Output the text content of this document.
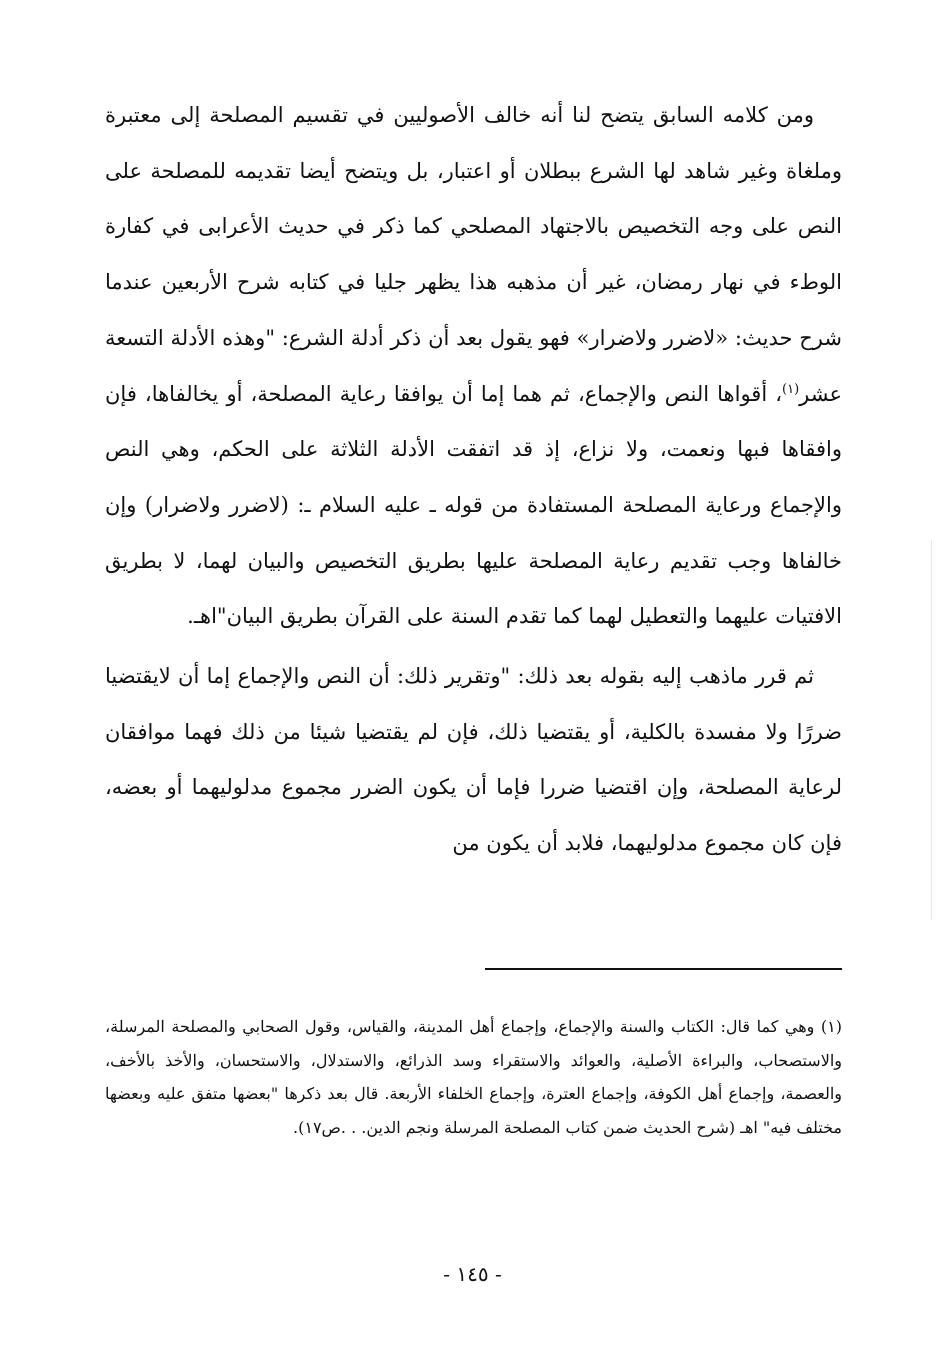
ومن كلامه السابق يتضح لنا أنه خالف الأصوليين في تقسيم المصلحة إلى معتبرة وملغاة وغير شاهد لها الشرع ببطلان أو اعتبار، بل ويتضح أيضا تقديمه للمصلحة على النص على وجه التخصيص بالاجتهاد المصلحي كما ذكر في حديث الأعرابى في كفارة الوطء في نهار رمضان، غير أن مذهبه هذا يظهر جليا في كتابه شرح الأربعين عندما شرح حديث: «لاضرر ولاضرار» فهو يقول بعد أن ذكر أدلة الشرع: "وهذه الأدلة التسعة عشر$^{(١)}$، أقواها النص والإجماع، ثم هما إما أن يوافقا رعاية المصلحة، أو يخالفاها، فإن وافقاها فبها ونعمت، ولا نزاع، إذ قد اتفقت الأدلة الثلاثة على الحكم، وهي النص والإجماع ورعاية المصلحة المستفادة من قوله ـ عليه السلام ـ: (لاضرر ولاضرار) وإن خالفاها وجب تقديم رعاية المصلحة عليها بطريق التخصيص والبيان لهما، لا بطريق الافتيات عليهما والتعطيل لهما كما تقدم السنة على القرآن بطريق البيان"اهـ.

ثم قرر ماذهب إليه بقوله بعد ذلك: "وتقرير ذلك: أن النص والإجماع إما أن لايقتضيا ضررًا ولا مفسدة بالكلية، أو يقتضيا ذلك، فإن لم يقتضيا شيئا من ذلك فهما موافقان لرعاية المصلحة، وإن اقتضيا ضررا فإما أن يكون الضرر مجموع مدلوليهما أو بعضه، فإن كان مجموع مدلوليهما، فلابد أن يكون من

(١) وهي كما قال: الكتاب والسنة والإجماع، وإجماع أهل المدينة، والقياس، وقول الصحابي والمصلحة المرسلة، والاستصحاب، والبراءة الأصلية، والعوائد والاستقراء وسد الذرائع، والاستدلال، والاستحسان، والأخذ بالأخف، والعصمة، وإجماع أهل الكوفة، وإجماع العترة، وإجماع الخلفاء الأربعة. قال بعد ذكرها "بعضها متفق عليه وبعضها مختلف فيه" اهـ (شرح الحديث ضمن كتاب المصلحة المرسلة ونجم الدين. . .ص١٧).

- ١٤٥ -
